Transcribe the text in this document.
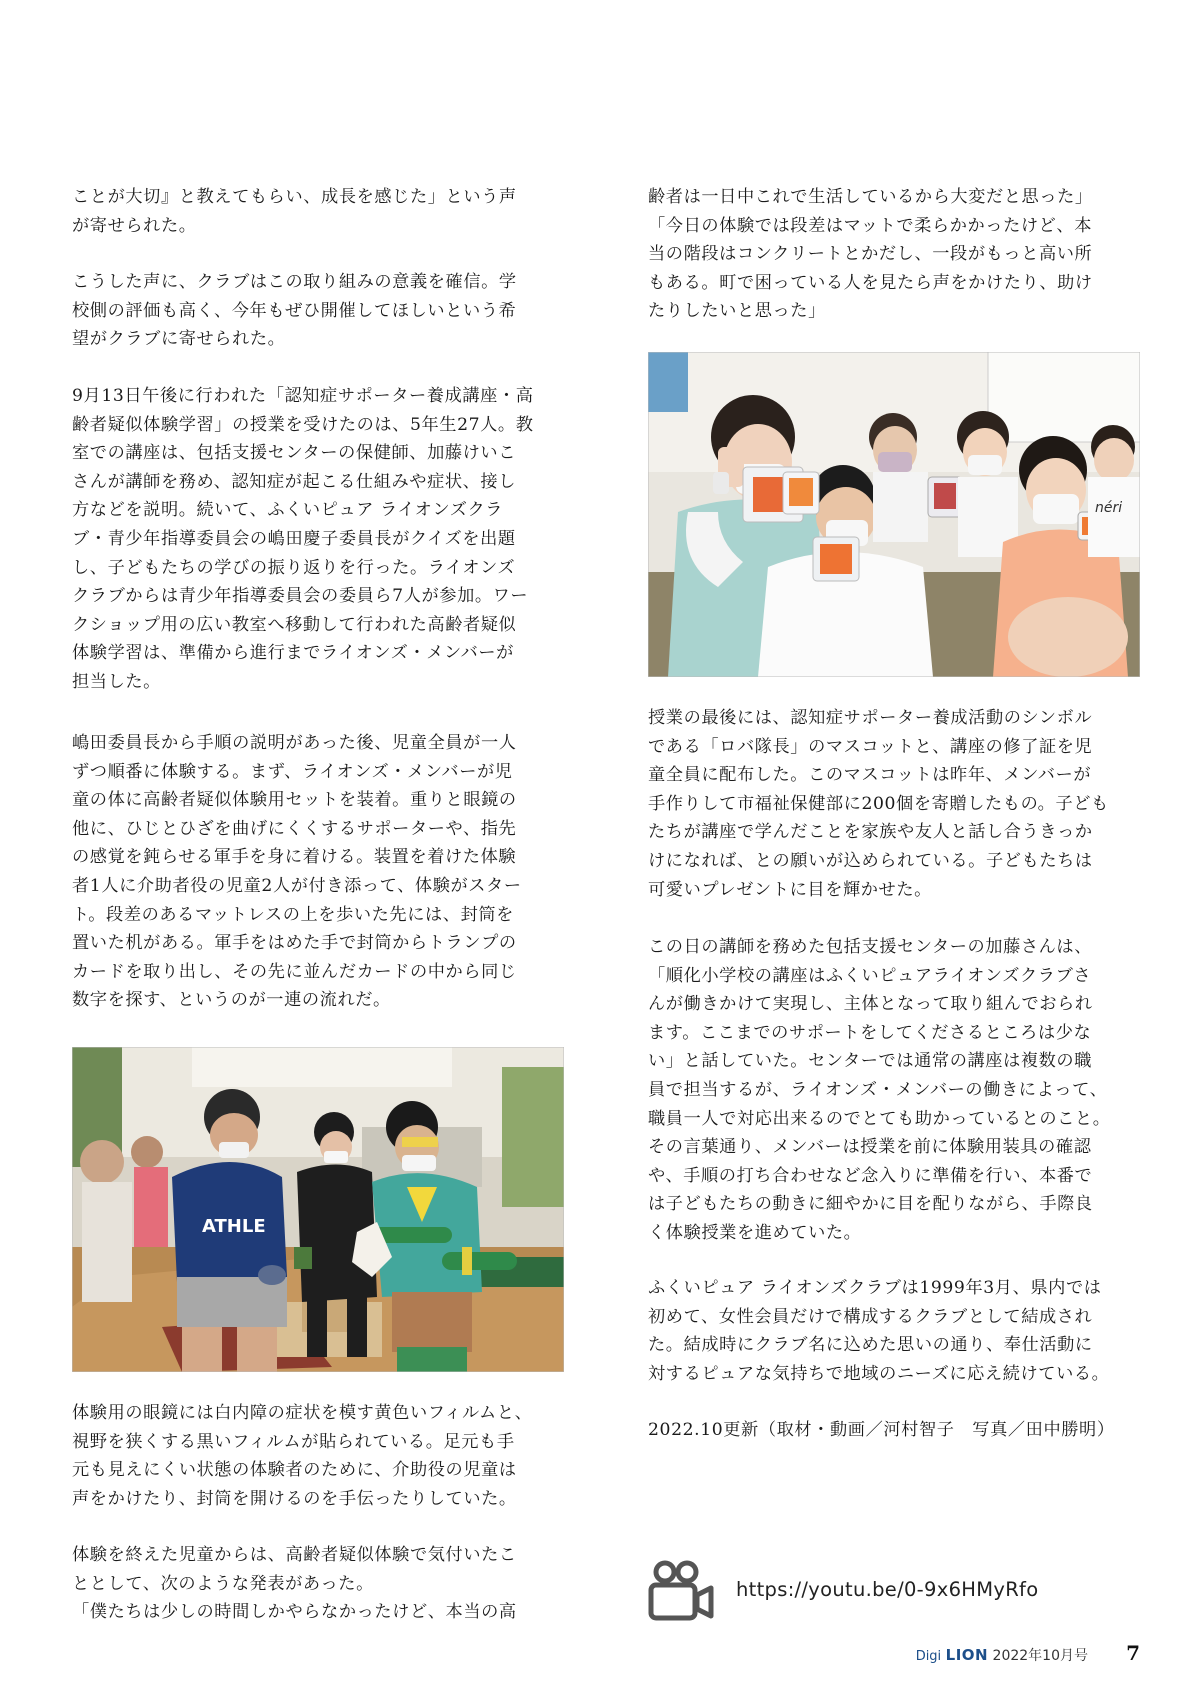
ことが大切』と教えてもらい、成長を感じた」という声
が寄せられた。

こうした声に、クラブはこの取り組みの意義を確信。学
校側の評価も高く、今年もぜひ開催してほしいという希
望がクラブに寄せられた。

9月13日午後に行われた「認知症サポーター養成講座・高
齢者疑似体験学習」の授業を受けたのは、5年生27人。教
室での講座は、包括支援センターの保健師、加藤けいこ
さんが講師を務め、認知症が起こる仕組みや症状、接し
方などを説明。続いて、ふくいピュア ライオンズクラ
ブ・青少年指導委員会の嶋田慶子委員長がクイズを出題
し、子どもたちの学びの振り返りを行った。ライオンズ
クラブからは青少年指導委員会の委員ら7人が参加。ワー
クショップ用の広い教室へ移動して行われた高齢者疑似
体験学習は、準備から進行までライオンズ・メンバーが
担当した。

嶋田委員長から手順の説明があった後、児童全員が一人
ずつ順番に体験する。まず、ライオンズ・メンバーが児
童の体に高齢者疑似体験用セットを装着。重りと眼鏡の
他に、ひじとひざを曲げにくくするサポーターや、指先
の感覚を鈍らせる軍手を身に着ける。装置を着けた体験
者1人に介助者役の児童2人が付き添って、体験がスター
ト。段差のあるマットレスの上を歩いた先には、封筒を
置いた机がある。軍手をはめた手で封筒からトランプの
カードを取り出し、その先に並んだカードの中から同じ
数字を探す、というのが一連の流れだ。

ATHLE

体験用の眼鏡には白内障の症状を模す黄色いフィルムと、
視野を狭くする黒いフィルムが貼られている。足元も手
元も見えにくい状態の体験者のために、介助役の児童は
声をかけたり、封筒を開けるのを手伝ったりしていた。

体験を終えた児童からは、高齢者疑似体験で気付いたこ
ととして、次のような発表があった。
「僕たちは少しの時間しかやらなかったけど、本当の高

齢者は一日中これで生活しているから大変だと思った」
「今日の体験では段差はマットで柔らかかったけど、本
当の階段はコンクリートとかだし、一段がもっと高い所
もある。町で困っている人を見たら声をかけたり、助け
たりしたいと思った」

néri

授業の最後には、認知症サポーター養成活動のシンボル
である「ロバ隊長」のマスコットと、講座の修了証を児
童全員に配布した。このマスコットは昨年、メンバーが
手作りして市福祉保健部に200個を寄贈したもの。子ども
たちが講座で学んだことを家族や友人と話し合うきっか
けになれば、との願いが込められている。子どもたちは
可愛いプレゼントに目を輝かせた。

この日の講師を務めた包括支援センターの加藤さんは、
「順化小学校の講座はふくいピュアライオンズクラブさ
んが働きかけて実現し、主体となって取り組んでおられ
ます。ここまでのサポートをしてくださるところは少な
い」と話していた。センターでは通常の講座は複数の職
員で担当するが、ライオンズ・メンバーの働きによって、
職員一人で対応出来るのでとても助かっているとのこと。
その言葉通り、メンバーは授業を前に体験用装具の確認
や、手順の打ち合わせなど念入りに準備を行い、本番で
は子どもたちの動きに細やかに目を配りながら、手際良
く体験授業を進めていた。

ふくいピュア ライオンズクラブは1999年3月、県内では
初めて、女性会員だけで構成するクラブとして結成され
た。結成時にクラブ名に込めた思いの通り、奉仕活動に
対するピュアな気持ちで地域のニーズに応え続けている。

2022.10更新（取材・動画／河村智子　写真／田中勝明）

https://youtu.be/0-9x6HMyRfo
Digi LION 2022年10月号 7
